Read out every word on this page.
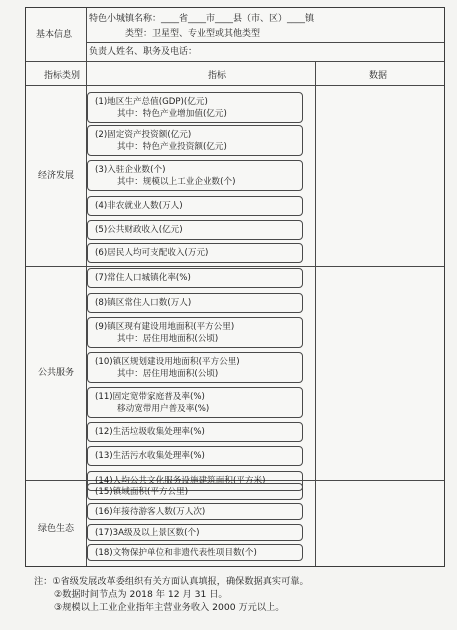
基本信息
特色小城镇名称：____省____市____县（市、区）____镇
类型：卫星型、专业型或其他类型
负责人姓名、职务及电话：
指标类别	指标	数据
经济发展
公共服务
绿色生态
(1)地区生产总值(GDP)(亿元)
其中：特色产业增加值(亿元)
(2)固定资产投资额(亿元)
其中：特色产业投资额(亿元)
(3)入驻企业数(个)
其中：规模以上工业企业数(个)
(4)非农就业人数(万人)
(5)公共财政收入(亿元)
(6)居民人均可支配收入(万元)
(7)常住人口城镇化率(%)
(8)镇区常住人口数(万人)
(9)镇区现有建设用地面积(平方公里)
其中：居住用地面积(公顷)
(10)镇区规划建设用地面积(平方公里)
其中：居住用地面积(公顷)
(11)固定宽带家庭普及率(%)
移动宽带用户普及率(%)
(12)生活垃圾收集处理率(%)
(13)生活污水收集处理率(%)
(14)人均公共文化服务设施建筑面积(平方米)
(15)镇域面积(平方公里)
(16)年接待游客人数(万人次)
(17)3A级及以上景区数(个)
注：①省级发展改革委组织有关方面认真填报，确保数据真实可靠。
②数据时间节点为 2018 年 12 月 31 日。
③规模以上工业企业指年主营业务收入 2000 万元以上。
(18)文物保护单位和非遗代表性项目数(个)
